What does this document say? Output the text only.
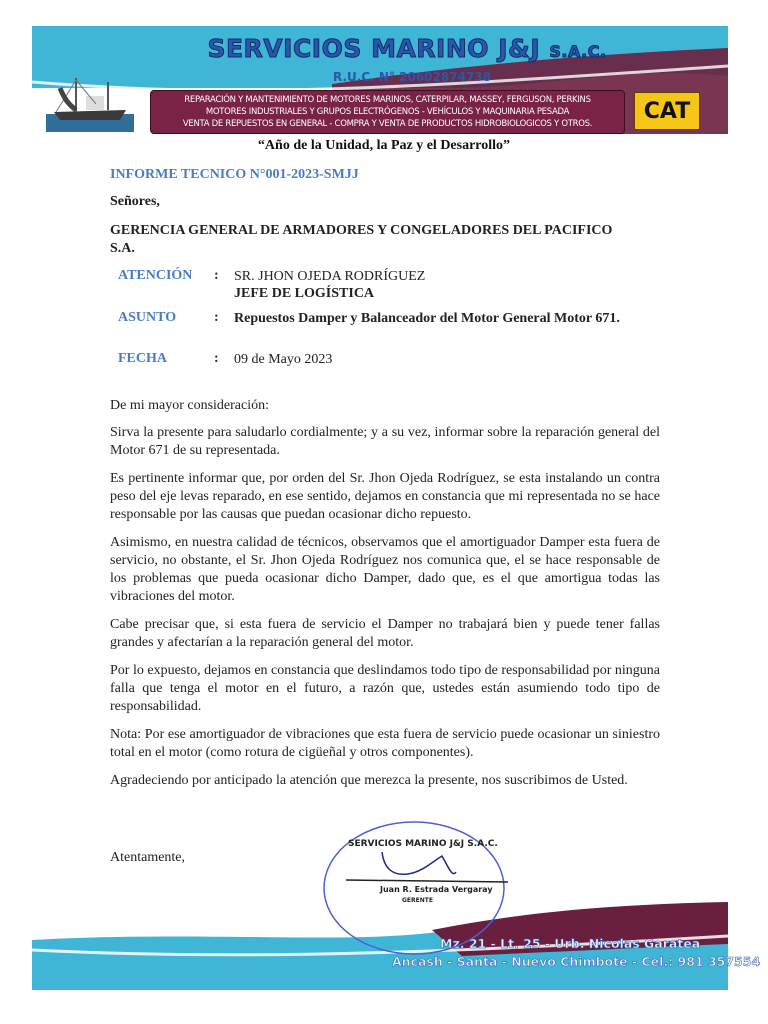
SERVICIOS MARINO J&J S.A.C.
R.U.C. N° 20602874738
REPARACIÓN Y MANTENIMIENTO DE MOTORES MARINOS, CATERPILAR, MASSEY, FERGUSON, PERKINS
MOTORES INDUSTRIALES Y GRUPOS ELECTRÓGENOS - VEHÍCULOS Y MAQUINARIA PESADA
VENTA DE REPUESTOS EN GENERAL - COMPRA Y VENTA DE PRODUCTOS HIDROBIOLOGICOS Y OTROS.
CAT
“Año de la Unidad, la Paz y el Desarrollo”
INFORME TECNICO N°001-2023-SMJJ
Señores,
GERENCIA GENERAL DE ARMADORES Y CONGELADORES DEL PACIFICO S.A.
ATENCIÓN : SR. JHON OJEDA RODRÍGUEZ
JEFE DE LOGÍSTICA
ASUNTO	: Repuestos Damper y Balanceador del Motor General Motor 671.
FECHA	: 09 de Mayo 2023
De mi mayor consideración:
Sirva la presente para saludarlo cordialmente; y a su vez, informar sobre la reparación general del Motor 671 de su representada.
Es pertinente informar que, por orden del Sr. Jhon Ojeda Rodríguez, se esta instalando un contra peso del eje levas reparado, en ese sentido, dejamos en constancia que mi representada no se hace responsable por las causas que puedan ocasionar dicho repuesto.
Asimismo, en nuestra calidad de técnicos, observamos que el amortiguador Damper esta fuera de servicio, no obstante, el Sr. Jhon Ojeda Rodríguez nos comunica que, el se hace responsable de los problemas que pueda ocasionar dicho Damper, dado que, es el que amortigua todas las vibraciones del motor.
Cabe precisar que, si esta fuera de servicio el Damper no trabajará bien y puede tener fallas grandes y afectarían a la reparación general del motor.
Por lo expuesto, dejamos en constancia que deslindamos todo tipo de responsabilidad por ninguna falla que tenga el motor en el futuro, a razón que, ustedes están asumiendo todo tipo de responsabilidad.
Nota: Por ese amortiguador de vibraciones que esta fuera de servicio puede ocasionar un siniestro total en el motor (como rotura de cigüeñal y otros componentes).
Agradeciendo por anticipado la atención que merezca la presente, nos suscribimos de Usted.
Atentamente,
Mz. 21 - Lt. 25 - Urb. Nicolas Garatea
Ancash - Santa - Nuevo Chimbote - Cel.: 981 357554
SERVICIOS MARINO J&J S.A.C.
Juan R. Estrada Vergaray
GERENTE
